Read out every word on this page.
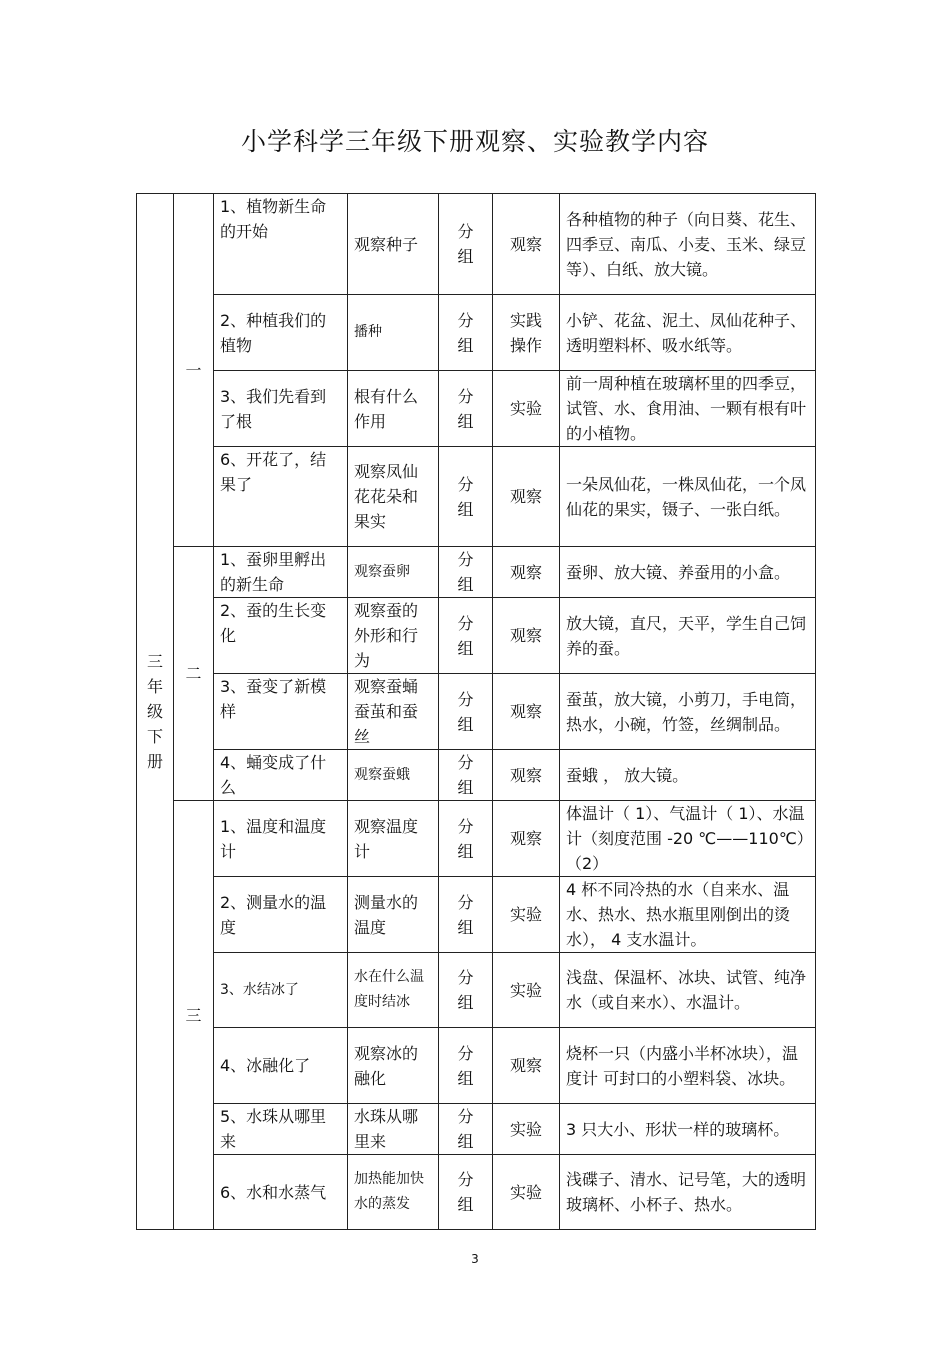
小学科学三年级下册观察、实验教学内容
三年级下册	一	1、植物新生命的开始	观察种子	分组	观察	各种植物的种子（向日葵、花生、四季豆、南瓜、小麦、玉米、绿豆等）、白纸、放大镜。
		2、种植我们的植物	播种	分组	实践操作	小铲、花盆、泥土、凤仙花种子、透明塑料杯、吸水纸等。
		3、我们先看到了根	根有什么作用	分组	实验	前一周种植在玻璃杯里的四季豆，试管、水、食用油、一颗有根有叶的小植物。
		6、开花了，结果了	观察凤仙花花朵和果实	分组	观察	一朵凤仙花，一株凤仙花，一个凤仙花的果实，镊子、一张白纸。
	二	1、蚕卵里孵出的新生命	观察蚕卵	分组	观察	蚕卵、放大镜、养蚕用的小盒。
		2、蚕的生长变化	观察蚕的外形和行为	分组	观察	放大镜，直尺，天平，学生自己饲养的蚕。
		3、蚕变了新模样	观察蚕蛹蚕茧和蚕丝	分组	观察	蚕茧，放大镜，小剪刀，手电筒， 热水，小碗，竹签，丝绸制品。
		4、蛹变成了什么	观察蚕蛾	分组	观察	蚕蛾 ， 放大镜。
	三	1、温度和温度计	观察温度计	分组	观察	体温计（ 1）、气温计（ 1）、水温计（刻度范围 -20 ℃——110℃）（2）
		2、测量水的温度	测量水的温度	分组	实验	4 杯不同冷热的水（自来水、温水、热水、热水瓶里刚倒出的烫水）， 4 支水温计。
		3、水结冰了	水在什么温度时结冰	分组	实验	浅盘、保温杯、冰块、试管、纯净水（或自来水）、水温计。
		4、冰融化了	观察冰的融化	分组	观察	烧杯一只（内盛小半杯冰块），温度计 可封口的小塑料袋、冰块。
		5、水珠从哪里来	水珠从哪里来	分组	实验	3 只大小、形状一样的玻璃杯。
		6、水和水蒸气	加热能加快水的蒸发	分组	实验	浅碟子、清水、记号笔，大的透明玻璃杯、小杯子、热水。
3
